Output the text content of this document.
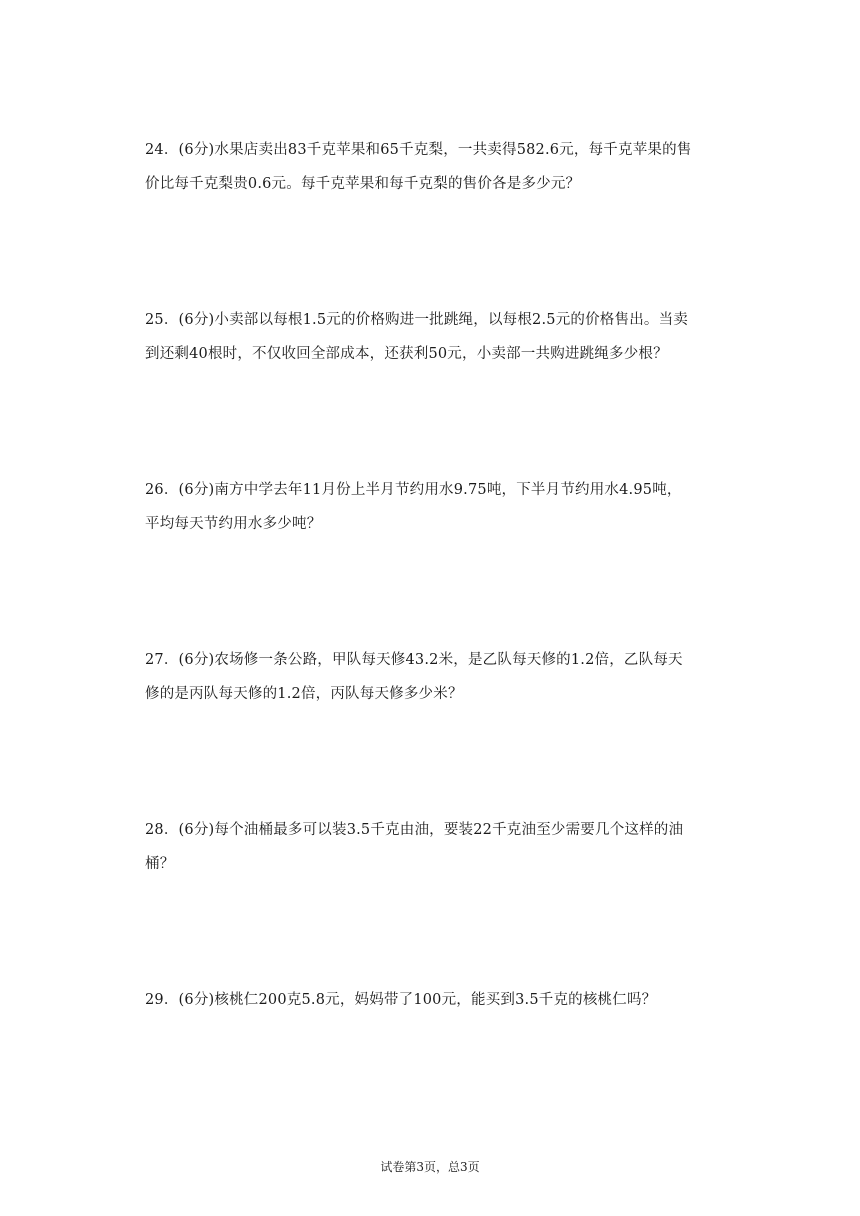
24．(6分)水果店卖出83千克苹果和65千克梨，一共卖得582.6元，每千克苹果的售
价比每千克梨贵0.6元。每千克苹果和每千克梨的售价各是多少元？
25．(6分)小卖部以每根1.5元的价格购进一批跳绳，以每根2.5元的价格售出。当卖
到还剩40根时，不仅收回全部成本，还获利50元，小卖部一共购进跳绳多少根？
26．(6分)南方中学去年11月份上半月节约用水9.75吨，下半月节约用水4.95吨，
平均每天节约用水多少吨？
27．(6分)农场修一条公路，甲队每天修43.2米，是乙队每天修的1.2倍，乙队每天
修的是丙队每天修的1.2倍，丙队每天修多少米？
28．(6分)每个油桶最多可以装3.5千克由油，要装22千克油至少需要几个这样的油
桶？
29．(6分)核桃仁200克5.8元，妈妈带了100元，能买到3.5千克的核桃仁吗？
试卷第3页，总3页
